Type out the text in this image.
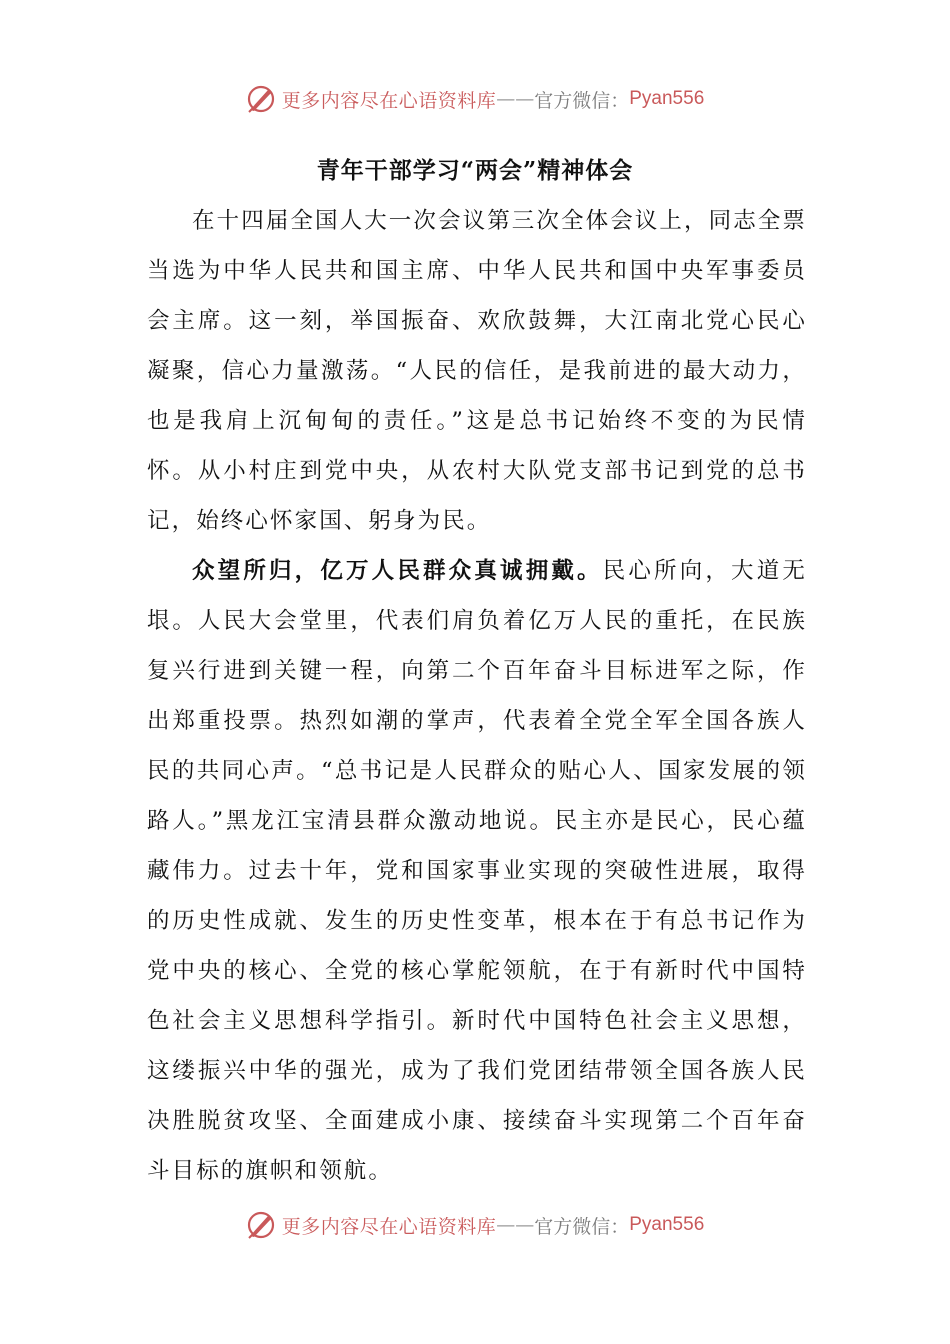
更多内容尽在心语资料库 —— 官方微信： Pyan556
青年干部学习“两会”精神体会

在十四届全国人大一次会议第三次全体会议上，同志全票当选为中华人民共和国主席、中华人民共和国中央军事委员会主席。这一刻，举国振奋、欢欣鼓舞，大江南北党心民心凝聚，信心力量激荡。“人民的信任，是我前进的最大动力，也是我肩上沉甸甸的责任。”这是总书记始终不变的为民情怀。从小村庄到党中央，从农村大队党支部书记到党的总书记，始终心怀家国、躬身为民。

众望所归，亿万人民群众真诚拥戴。民心所向，大道无垠。人民大会堂里，代表们肩负着亿万人民的重托，在民族复兴行进到关键一程，向第二个百年奋斗目标进军之际，作出郑重投票。热烈如潮的掌声，代表着全党全军全国各族人民的共同心声。“总书记是人民群众的贴心人、国家发展的领路人。”黑龙江宝清县群众激动地说。民主亦是民心，民心蕴藏伟力。过去十年，党和国家事业实现的突破性进展，取得的历史性成就、发生的历史性变革，根本在于有总书记作为党中央的核心、全党的核心掌舵领航，在于有新时代中国特色社会主义思想科学指引。新时代中国特色社会主义思想，这缕振兴中华的强光，成为了我们党团结带领全国各族人民决胜脱贫攻坚、全面建成小康、接续奋斗实现第二个百年奋斗目标的旗帜和领航。

更多内容尽在心语资料库 —— 官方微信： Pyan556
